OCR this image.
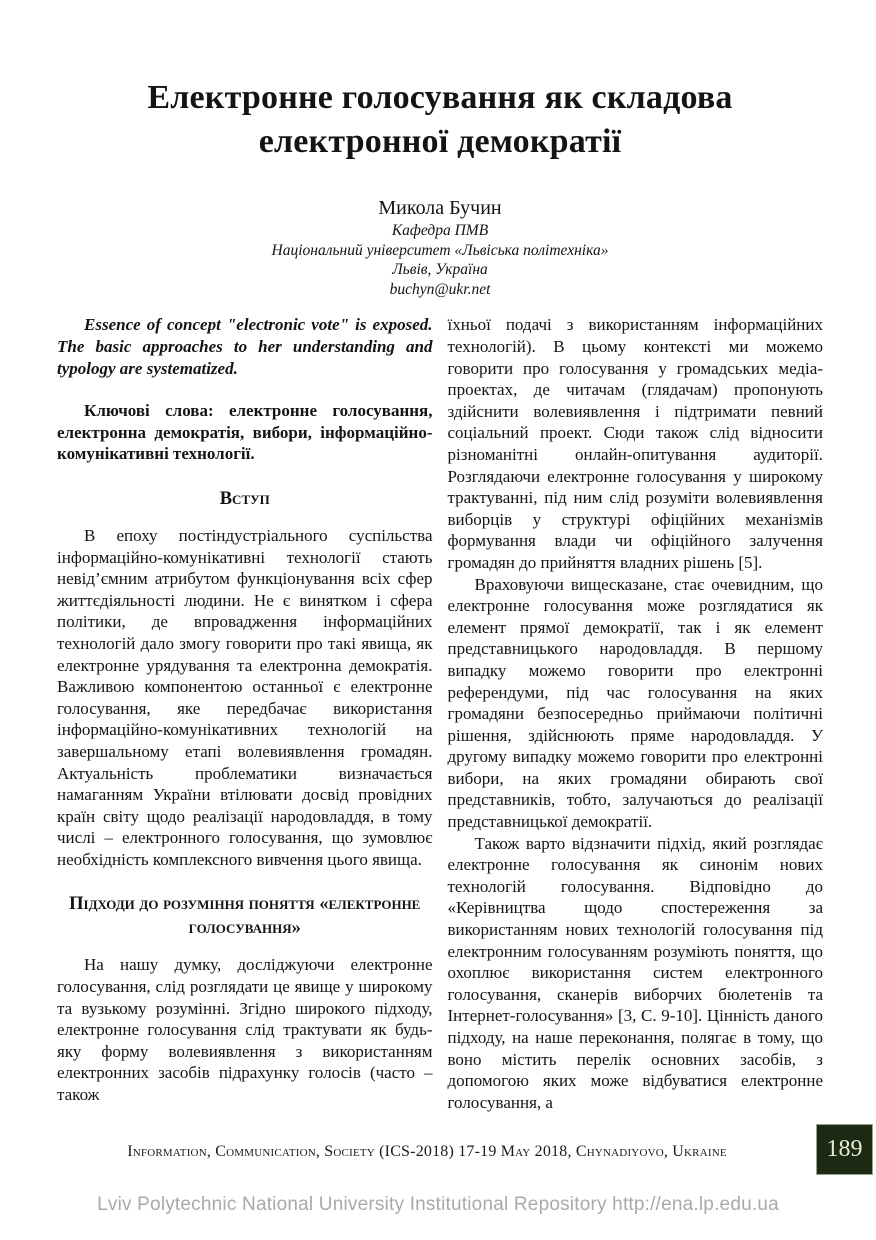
Електронне голосування як складова електронної демократії
Микола Бучин
Кафедра ПМВ
Національний університет «Львіська політехніка»
Львів, Україна
buchyn@ukr.net

Essence of concept "electronic vote" is exposed. The basic approaches to her understanding and typology are systematized.

Ключові слова: електронне голосування, електронна демократія, вибори, інформаційно-комунікативні технології.

Вступ

В епоху постіндустріального суспільства інформаційно-комунікативні технології стають невід’ємним атрибутом функціонування всіх сфер життєдіяльності людини. Не є винятком і сфера політики, де впровадження інформаційних технологій дало змогу говорити про такі явища, як електронне урядування та електронна демократія. Важливою компонентою останньої є електронне голосування, яке передбачає використання інформаційно-комунікативних технологій на завершальному етапі волевиявлення громадян. Актуальність проблематики визначається намаганням України втілювати досвід провідних країн світу щодо реалізації народовладдя, в тому числі – електронного голосування, що зумовлює необхідність комплексного вивчення цього явища.

Підходи до розуміння поняття «електронне голосування»

На нашу думку, досліджуючи електронне голосування, слід розглядати це явище у широкому та вузькому розумінні. Згідно широкого підходу, електронне голосування слід трактувати як будь-яку форму волевиявлення з використанням електронних засобів підрахунку голосів (часто – також

їхньої подачі з використанням інформаційних технологій). В цьому контексті ми можемо говорити про голосування у громадських медіа-проектах, де читачам (глядачам) пропонують здійснити волевиявлення і підтримати певний соціальний проект. Сюди також слід відносити різноманітні онлайн-опитування аудиторії. Розглядаючи електронне голосування у широкому трактуванні, під ним слід розуміти волевиявлення виборців у структурі офіційних механізмів формування влади чи офіційного залучення громадян до прийняття владних рішень [5].

Враховуючи вищесказане, стає очевидним, що електронне голосування може розглядатися як елемент прямої демократії, так і як елемент представницького народовладдя. В першому випадку можемо говорити про електронні референдуми, під час голосування на яких громадяни безпосередньо приймаючи політичні рішення, здійснюють пряме народовладдя. У другому випадку можемо говорити про електронні вибори, на яких громадяни обирають свої представників, тобто, залучаються до реалізації представницької демократії.

Також варто відзначити підхід, який розглядає електронне голосування як синонім нових технологій голосування. Відповідно до «Керівництва щодо спостереження за використанням нових технологій голосування під електронним голосуванням розуміють поняття, що охоплює використання систем електронного голосування, сканерів виборчих бюлетенів та Інтернет-голосування» [3, С. 9-10]. Цінність даного підходу, на наше переконання, полягає в тому, що воно містить перелік основних засобів, з допомогою яких може відбуватися електронне голосування, а

Information, Communication, Society (ICS-2018) 17-19 May 2018, Chynadiyovo, Ukraine	189
Lviv Polytechnic National University Institutional Repository http://ena.lp.edu.ua
